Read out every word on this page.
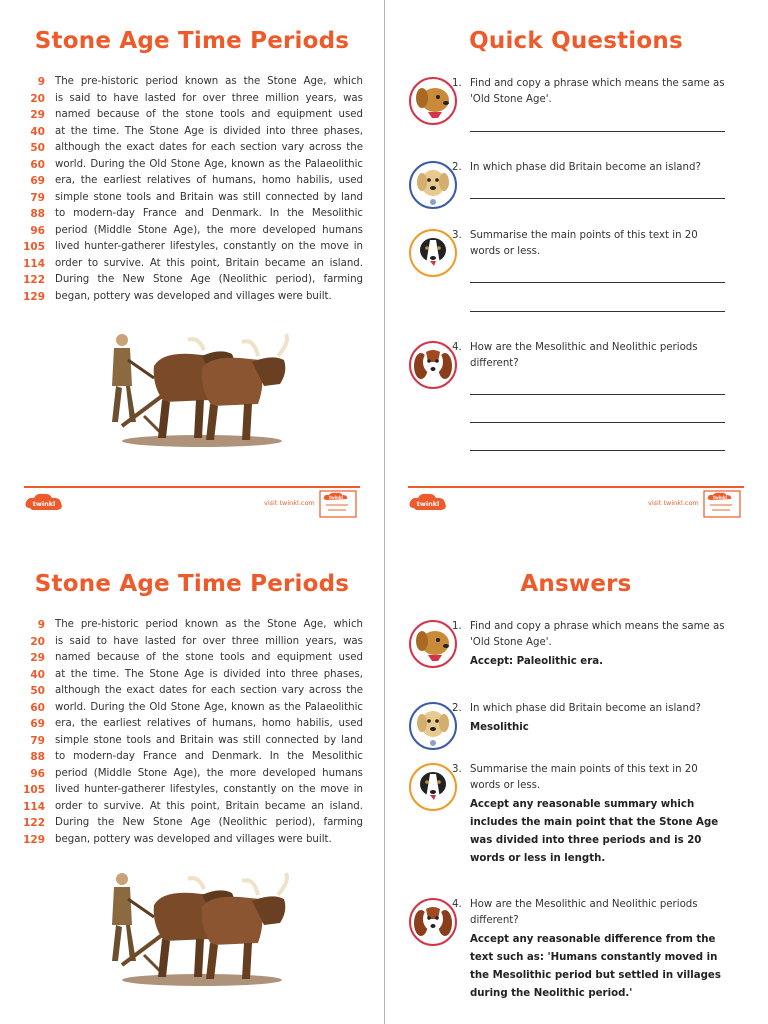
Stone Age Time Periods
9 The pre-historic period known as the Stone Age, which
20 is said to have lasted for over three million years, was
29 named because of the stone tools and equipment used
40 at the time. The Stone Age is divided into three phases,
50 although the exact dates for each section vary across the
60 world. During the Old Stone Age, known as the Palaeolithic
69 era, the earliest relatives of humans, homo habilis, used
79 simple stone tools and Britain was still connected by land
88 to modern-day France and Denmark. In the Mesolithic
96 period (Middle Stone Age), the more developed humans
105 lived hunter-gatherer lifestyles, constantly on the move in
114 order to survive. At this point, Britain became an island.
122 During the New Stone Age (Neolithic period), farming
129 began, pottery was developed and villages were built.
twinkl	visit twinkl.com
twinkl
Quick Questions
1. Find and copy a phrase which means the same as 'Old Stone Age'.
2. In which phase did Britain become an island?
3. Summarise the main points of this text in 20 words or less.
4. How are the Mesolithic and Neolithic periods different?
twinkl	visit twinkl.com
twinkl
Stone Age Time Periods
9 The pre-historic period known as the Stone Age, which
20 is said to have lasted for over three million years, was
29 named because of the stone tools and equipment used
40 at the time. The Stone Age is divided into three phases,
50 although the exact dates for each section vary across the
60 world. During the Old Stone Age, known as the Palaeolithic
69 era, the earliest relatives of humans, homo habilis, used
79 simple stone tools and Britain was still connected by land
88 to modern-day France and Denmark. In the Mesolithic
96 period (Middle Stone Age), the more developed humans
105 lived hunter-gatherer lifestyles, constantly on the move in
114 order to survive. At this point, Britain became an island.
122 During the New Stone Age (Neolithic period), farming
129 began, pottery was developed and villages were built.
Answers
1. Find and copy a phrase which means the same as 'Old Stone Age'.
Accept: Paleolithic era.
2. In which phase did Britain become an island?
Mesolithic
3. Summarise the main points of this text in 20 words or less.
Accept any reasonable summary which includes the main point that the Stone Age was divided into three periods and is 20 words or less in length.
4. How are the Mesolithic and Neolithic periods different?
Accept any reasonable difference from the text such as: 'Humans constantly moved in the Mesolithic period but settled in villages during the Neolithic period.'
